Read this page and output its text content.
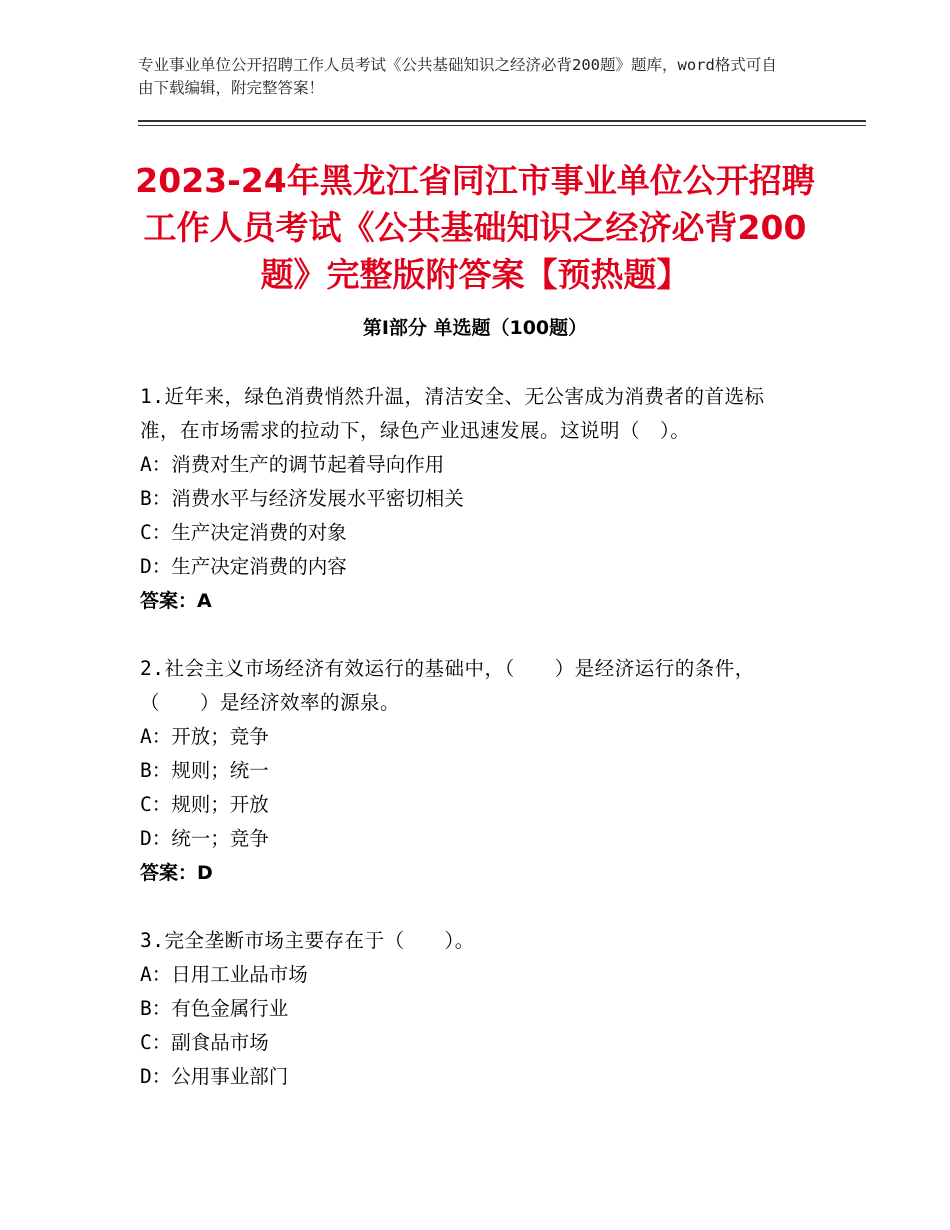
专业事业单位公开招聘工作人员考试《公共基础知识之经济必背200题》题库，word格式可自由下载编辑，附完整答案！
2023-24年黑龙江省同江市事业单位公开招聘工作人员考试《公共基础知识之经济必背200题》完整版附答案【预热题】
第Ⅰ部分 单选题（100题）

1.近年来，绿色消费悄然升温，清洁安全、无公害成为消费者的首选标准，在市场需求的拉动下，绿色产业迅速发展。这说明（　）。

A：消费对生产的调节起着导向作用

B：消费水平与经济发展水平密切相关

C：生产决定消费的对象

D：生产决定消费的内容

答案：A

2.社会主义市场经济有效运行的基础中，（　　）是经济运行的条件，（　　）是经济效率的源泉。

A：开放；竞争

B：规则；统一

C：规则；开放

D：统一；竞争

答案：D

3.完全垄断市场主要存在于（　　）。

A：日用工业品市场

B：有色金属行业

C：副食品市场

D：公用事业部门
